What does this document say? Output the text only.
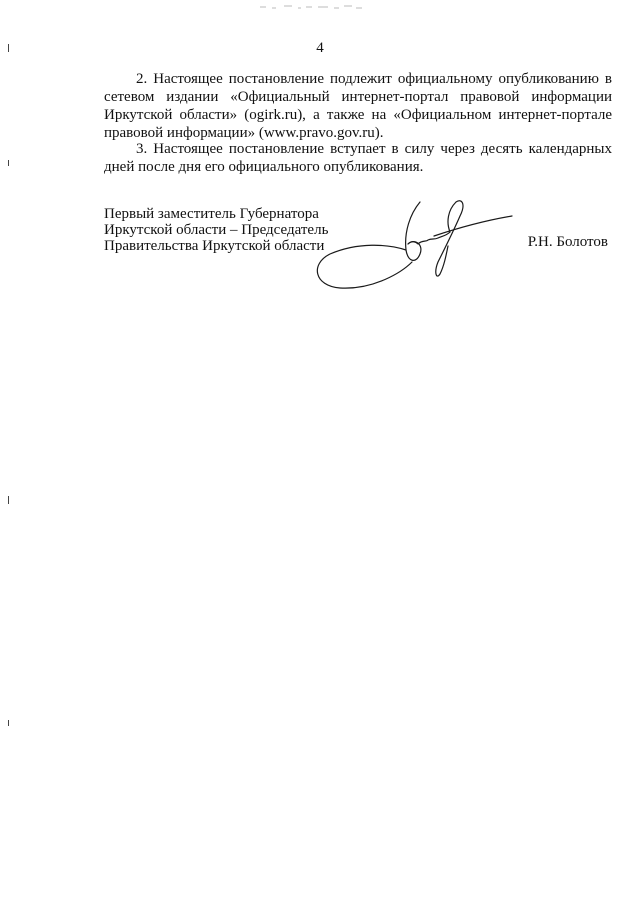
4

2. Настоящее постановление подлежит официальному опубликованию в сетевом издании «Официальный интернет-портал правовой информации Иркутской области» (ogirk.ru), а также на «Официальном интернет-портале правовой информации» (www.pravo.gov.ru).

3. Настоящее постановление вступает в силу через десять календарных дней после дня его официального опубликования.

Первый заместитель Губернатора
Иркутской области – Председатель
Правительства Иркутской области	Р.Н. Болотов
